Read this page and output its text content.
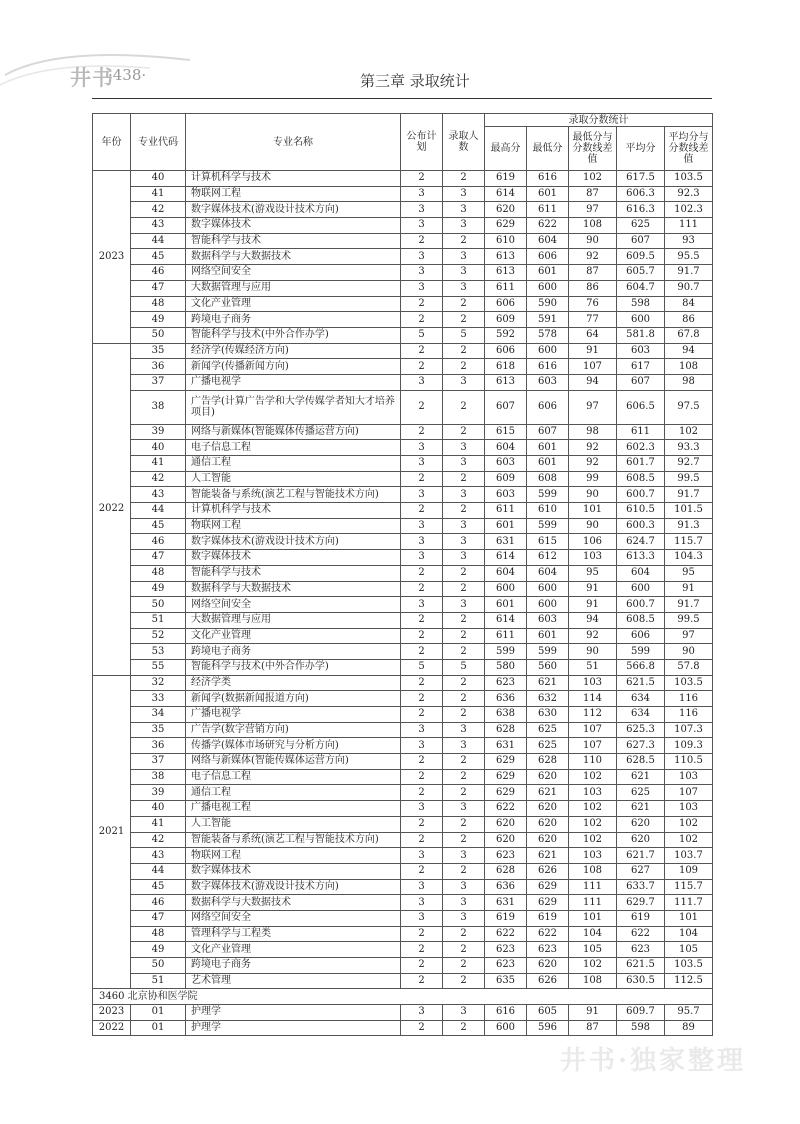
井书
·438·	第三章 录取统计
年份	专业代码	专业名称	公布计划	录取人数	录取分数统计				
					最高分	最低分	最低分与分数线差值	平均分	平均分与分数线差值
2023	40	计算机科学与技术	2	2	619	616	102	617.5	103.5
	41	物联网工程	3	3	614	601	87	606.3	92.3
	42	数字媒体技术(游戏设计技术方向)	3	3	620	611	97	616.3	102.3
	43	数字媒体技术	3	3	629	622	108	625	111
	44	智能科学与技术	2	2	610	604	90	607	93
	45	数据科学与大数据技术	3	3	613	606	92	609.5	95.5
	46	网络空间安全	3	3	613	601	87	605.7	91.7
	47	大数据管理与应用	3	3	611	600	86	604.7	90.7
	48	文化产业管理	2	2	606	590	76	598	84
	49	跨境电子商务	2	2	609	591	77	600	86
	50	智能科学与技术(中外合作办学)	5	5	592	578	64	581.8	67.8
2022	35	经济学(传媒经济方向)	2	2	606	600	91	603	94
	36	新闻学(传播新闻方向)	2	2	618	616	107	617	108
	37	广播电视学	3	3	613	603	94	607	98
	38	广告学(计算广告学和大学传媒学者知大才培养项目)	2	2	607	606	97	606.5	97.5
	39	网络与新媒体(智能媒体传播运营方向)	2	2	615	607	98	611	102
	40	电子信息工程	3	3	604	601	92	602.3	93.3
	41	通信工程	3	3	603	601	92	601.7	92.7
	42	人工智能	2	2	609	608	99	608.5	99.5
	43	智能装备与系统(演艺工程与智能技术方向)	3	3	603	599	90	600.7	91.7
	44	计算机科学与技术	2	2	611	610	101	610.5	101.5
	45	物联网工程	3	3	601	599	90	600.3	91.3
	46	数字媒体技术(游戏设计技术方向)	3	3	631	615	106	624.7	115.7
	47	数字媒体技术	3	3	614	612	103	613.3	104.3
	48	智能科学与技术	2	2	604	604	95	604	95
	49	数据科学与大数据技术	2	2	600	600	91	600	91
	50	网络空间安全	3	3	601	600	91	600.7	91.7
	51	大数据管理与应用	2	2	614	603	94	608.5	99.5
	52	文化产业管理	2	2	611	601	92	606	97
	53	跨境电子商务	2	2	599	599	90	599	90
	55	智能科学与技术(中外合作办学)	5	5	580	560	51	566.8	57.8
2021	32	经济学类	2	2	623	621	103	621.5	103.5
	33	新闻学(数据新闻报道方向)	2	2	636	632	114	634	116
	34	广播电视学	2	2	638	630	112	634	116
	35	广告学(数字营销方向)	3	3	628	625	107	625.3	107.3
	36	传播学(媒体市场研究与分析方向)	3	3	631	625	107	627.3	109.3
	37	网络与新媒体(智能传媒体运营方向)	2	2	629	628	110	628.5	110.5
	38	电子信息工程	2	2	629	620	102	621	103
	39	通信工程	2	2	629	621	103	625	107
	40	广播电视工程	3	3	622	620	102	621	103
	41	人工智能	2	2	620	620	102	620	102
	42	智能装备与系统(演艺工程与智能技术方向)	2	2	620	620	102	620	102
	43	物联网工程	3	3	623	621	103	621.7	103.7
	44	数字媒体技术	2	2	628	626	108	627	109
	45	数字媒体技术(游戏设计技术方向)	3	3	636	629	111	633.7	115.7
	46	数据科学与大数据技术	3	3	631	629	111	629.7	111.7
	47	网络空间安全	3	3	619	619	101	619	101
	48	管理科学与工程类	2	2	622	622	104	622	104
	49	文化产业管理	2	2	623	623	105	623	105
	50	跨境电子商务	2	2	623	620	102	621.5	103.5
	51	艺术管理	2	2	635	626	108	630.5	112.5
3460 北京协和医学院									
2023	01	护理学	3	3	616	605	91	609.7	95.7
2022	01	护理学	2	2	600	596	87	598	89
井书·独家整理
